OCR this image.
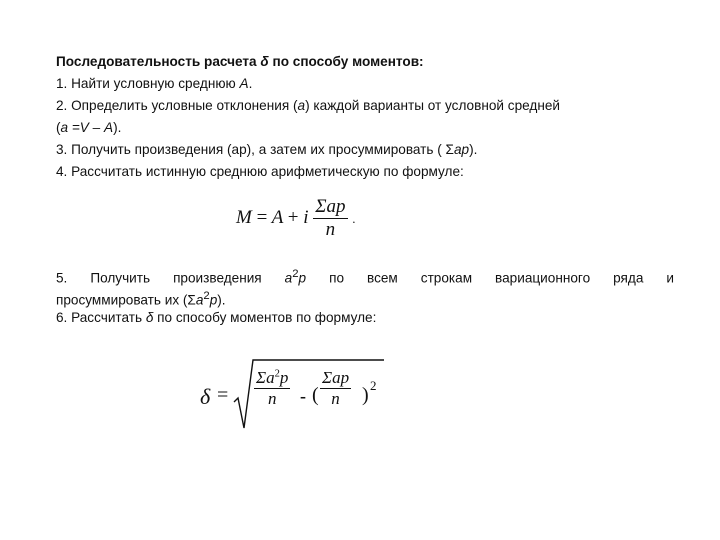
Последовательность расчета δ по способу моментов:
1. Найти условную среднюю А.
2. Определить условные отклонения (а) каждой варианты от условной средней
(а =V – А).
3. Получить произведения (ар), а затем их просуммировать ( Σар).
4. Рассчитать истинную среднюю арифметическую по формуле:
M = A + i $\frac{\text{Σap}}{n}$ .
5. Получить произведения $а^2р$ по всем строкам вариационного ряда и
просуммировать их $(\Sigma а^2р)$.
6. Рассчитать δ по способу моментов по формуле:
$\delta = \frac{\Sigma a^2p}{n}$ - (
Σap
n	) 2
